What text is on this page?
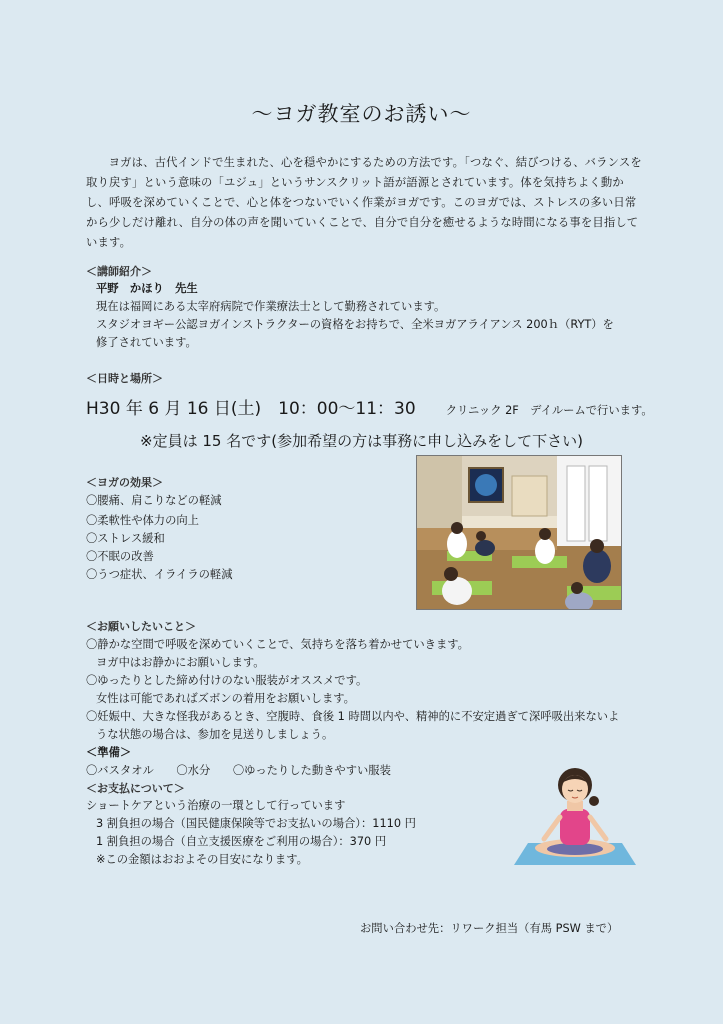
〜ヨガ教室のお誘い〜
ヨガは、古代インドで生まれた、心を穏やかにするための方法です。「つなぐ、結びつける、バランスを取り戻す」という意味の「ユジュ」というサンスクリット語が語源とされています。体を気持ちよく動かし、呼吸を深めていくことで、心と体をつないでいく作業がヨガです。このヨガでは、ストレスの多い日常から少しだけ離れ、自分の体の声を聞いていくことで、自分で自分を癒せるような時間になる事を目指しています。
＜講師紹介＞
平野　かほり　先生
現在は福岡にある太宰府病院で作業療法士として勤務されています。
スタジオヨギー公認ヨガインストラクターの資格をお持ちで、全米ヨガアライアンス 200ｈ（RYT）を
修了されています。
＜日時と場所＞
H30 年 6 月 16 日(土)　10：00〜11：30	クリニック 2F　デイルームで行います。
※定員は 15 名です(参加希望の方は事務に申し込みをして下さい)
＜ヨガの効果＞
〇腰痛、肩こりなどの軽減
〇柔軟性や体力の向上
〇ストレス緩和
〇不眠の改善
〇うつ症状、イライラの軽減
＜お願いしたいこと＞
〇静かな空間で呼吸を深めていくことで、気持ちを落ち着かせていきます。
ヨガ中はお静かにお願いします。
〇ゆったりとした締め付けのない服装がオススメです。
女性は可能であればズボンの着用をお願いします。
〇妊娠中、大きな怪我があるとき、空腹時、食後 1 時間以内や、精神的に不安定過ぎて深呼吸出来ないよ
うな状態の場合は、参加を見送りしましょう。
＜準備＞
〇バスタオル　　〇水分　　〇ゆったりした動きやすい服装
＜お支払について＞
ショートケアという治療の一環として行っています
3 割負担の場合（国民健康保険等でお支払いの場合）：1110 円
1 割負担の場合（自立支援医療をご利用の場合）：370 円
※この金額はおおよその目安になります。
お問い合わせ先：リワーク担当（有馬 PSW まで）
